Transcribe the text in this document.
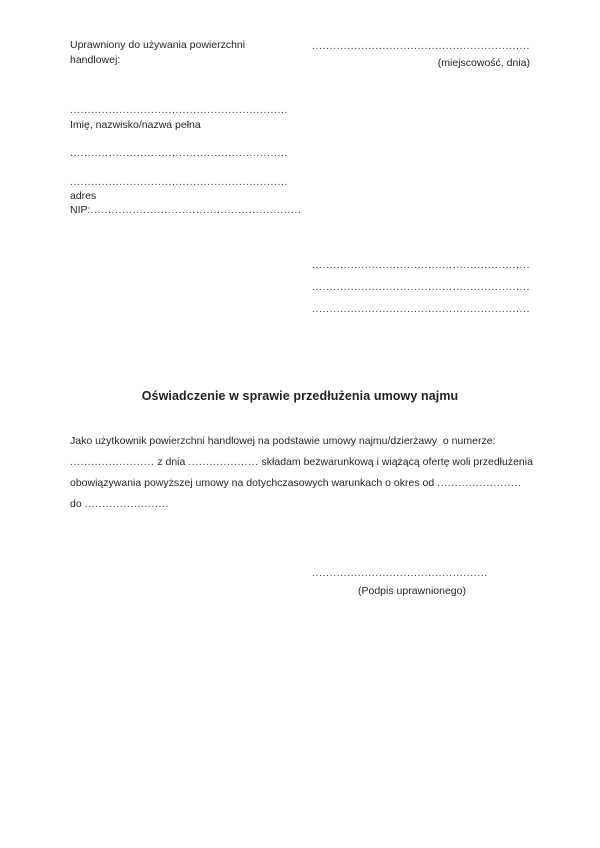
Uprawniony do używania powierzchni
handlowej:
.....	(miejscowość, dnia)
.....
Imię, nazwisko/nazwa pełna
.....
.....
adres
NIP:............................................................
.....
.....
.....
Oświadczenie w sprawie przedłużenia umowy najmu
Jako użytkownik powierzchni handlowej na podstawie umowy najmu/dzierżawy  o numerze:
........................ z dnia .................... składam bezwarunkową i wiążącą ofertę woli przedłużenia
obowiązywania powyższej umowy na dotychczasowych warunkach o okres od ........................
do ........................
.....
(Podpis uprawnionego)
